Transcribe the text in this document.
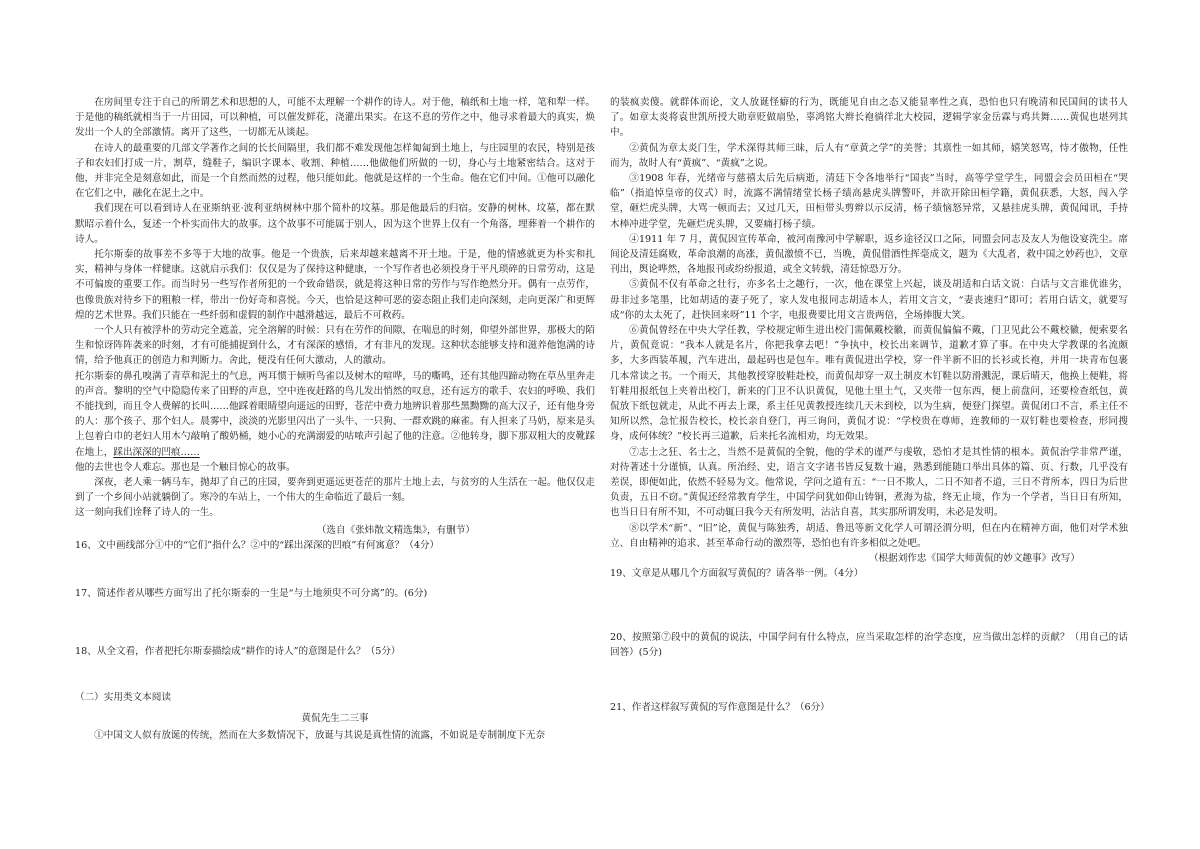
在房间里专注于自己的所谓艺术和思想的人，可能不太理解一个耕作的诗人。对于他，稿纸和土地一样，笔和犁一样。于是他的稿纸就相当于一片田园，可以种植，可以催发鲜花，浇灌出果实。在这不息的劳作之中，他寻求着最大的真实，焕发出一个人的全部激情。离开了这些，一切都无从谈起。

在诗人的最重要的几部文学著作之间的长长间隔里，我们都不难发现他怎样匍匐到土地上，与庄园里的农民，特别是孩子和农妇们打成一片，割草，缝鞋子，编识字课本、收割、种植……他做他们所做的一切，身心与土地紧密结合。这对于他，并非完全是刻意如此，而是一个自然而然的过程，他只能如此。他就是这样的一个生命。他在它们中间。①他可以融化在它们之中，融化在泥土之中。

我们现在可以看到诗人在亚斯纳亚·波利亚纳树林中那个简朴的坟墓。那是他最后的归宿。安静的树林、坟墓，都在默默昭示着什么，复述一个朴实而伟大的故事。这个故事不可能属于别人，因为这个世界上仅有一个角落，埋葬着一个耕作的诗人。

托尔斯泰的故事差不多等于大地的故事。他是一个贵族，后来却越来越离不开土地。于是，他的情感就更为朴实和扎实，精神与身体一样健康。这就启示我们：仅仅是为了保持这种健康，一个写作者也必须投身于平凡琐碎的日常劳动，这是不可偏废的重要工作。而当时另一些写作者所犯的一个致命错误，就是将这种日常的劳作与写作绝然分开。偶有一点劳作，也像贵族对待乡下的粗粮一样，带出一份好奇和喜悦。今天，也恰是这种可恶的姿态阻止我们走向深刻，走向更深广和更辉煌的艺术世界。我们只能在一些纤弱和虚假的制作中越滑越远，最后不可救药。

一个人只有被浮朴的劳动完全遮盖，完全溶解的时候：只有在劳作的间隙，在喘息的时刻，仰望外部世界，那极大的陌生和惊讶阵阵袭来的时刻，才有可能捕捉到什么，才有深深的感悟，才有非凡的发现。这种状态能够支持和滋养他饱满的诗情，给予他真正的创造力和判断力。舍此，便没有任何大激动，人的激动。

托尔斯泰的鼻孔嗅满了青草和泥土的气息，两耳惯于倾听鸟雀以及树木的喧哗，马的嘶鸣，还有其他四蹄动物在草丛里奔走的声音。黎明的空气中隐隐传来了田野的声息，空中连夜赶路的鸟儿发出悄然的叹息，还有远方的歌手、农妇的呼唤、我们不能找到，而且令人费解的长叫……他踩着眼睛望向遥远的田野，苍茫中费力地辨识着那些黑黝黝的高大汉子，还有他身旁的人：那个孩子、那个妇人。晨雾中，淡淡的光影里闪出了一头牛、一只狗、一群欢跳的麻雀。有人担来了马奶，原来是头上包着白巾的老妇人用木勺敲响了酸奶桶，她小心的充满溺爱的咕哝声引起了他的注意。②他转身，脚下那双粗大的皮靴踩在地上，踩出深深的凹痕……

他的去世也令人难忘。那也是一个触目惊心的故事。

深夜，老人乘一辆马车，抛却了自己的庄园，要奔到更遥远更苍茫的那片土地上去，与贫穷的人生活在一起。他仅仅走到了一个乡间小站就躺倒了。寒冷的车站上，一个伟大的生命临近了最后一刻。

这一刻向我们诠释了诗人的一生。

（选自《张炜散文精选集》，有删节）

16、文中画线部分①中的“它们”指什么？②中的“踩出深深的凹痕”有何寓意？（4分）

17、简述作者从哪些方面写出了托尔斯泰的一生是“与土地须臾不可分离”的。(6分)

18、从全文看，作者把托尔斯泰描绘成“耕作的诗人”的意图是什么？（5分）

（二）实用类文本阅读

黄侃先生二三事

①中国文人似有放诞的传统，然而在大多数情况下，放诞与其说是真性情的流露，不如说是专制制度下无奈

的装疯卖傻。就群体而论，文人放诞怪癖的行为，既能见自由之态又能显率性之真，恐怕也只有晚清和民国间的读书人了。如章太炎将袁世凯所授大勋章贬做扇坠，辜鸿铭大辫长袍徜徉北大校园，逻辑学家金岳霖与鸡共舞……黄侃也堪列其中。

②黄侃为章太炎门生，学术深得其师三昧，后人有“章黄之学”的美誉；其禀性一如其师，嬉笑怒骂，恃才傲物，任性而为，故时人有“黄疯”、“黄疯”之说。

③1908 年春，光绪帝与慈禧太后先后病逝，清廷下令各地举行“国丧”当时，高等学堂学生，同盟会会员田桓在“哭临”（指追悼皇帝的仪式）时，流露不满情绪堂长杨子绩高悬虎头牌警吓，并欲开除田桓学籍，黄侃获悉，大怒，闯入学堂，砸烂虎头牌，大骂一顿而去；又过几天，田桓带头剪辫以示反清，杨子绩恼怒异常，又悬挂虎头牌，黄侃闻讯，手持木棒冲进学堂，先砸烂虎头牌，又要痛打杨子绩。

④1911 年 7 月，黄侃因宣传革命，被河南豫河中学解职，返乡途径汉口之际，同盟会同志及友人为他设宴洗尘。席间论及清廷腐败，革命浪潮的高涨，黄侃激愤不已，当晚，黄侃借酒性挥毫成文，题为《大乱者，救中国之妙药也》，文章刊出，舆论哗然，各地报刊或纷纷报道，或全文转载，清廷惊恐万分。

⑤黄侃不仅有革命之壮行，亦多名士之趣行，一次，他在课堂上兴起，谈及胡适和白话文说：白话与文言谁优谁劣，毋非过多笔墨，比如胡适的妻子死了，家人发电报同志胡适本人，若用文言文，“妻丧速归”即可；若用白话文，就要写成“你的太太死了，赶快回来呀”11 个字，电报费要比用文言贵两倍，全场捧腹大笑。

⑥黄侃曾经在中央大学任教，学校规定师生进出校门需佩戴校徽，而黄侃偏偏不戴，门卫见此公不戴校徽，便索要名片，黄侃竟说：“我本人就是名片，你把我拿去吧！”争执中，校长出来调节，道歉才算了事。在中央大学教课的名流颇多，大多西装革履，汽车进出，最起码也是包车。唯有黄侃进出学校，穿一件半新不旧的长衫或长袍，并用一块青布包裹几本常读之书。一个雨天，其他教授穿胶鞋赴校，而黄侃却穿一双土制皮木钉鞋以防滑溅泥，课后晴天，他换上便鞋，将钉鞋用报纸包上夹着出校门，新来的门卫不认识黄侃，见他土里土气，又夹带一包东西，便上前盘问，还要检查纸包，黄侃放下纸包就走，从此不再去上课，系主任见黄教授连续几天未到校，以为生病，便登门探望。黄侃闭口不言，系主任不知所以然，急忙报告校长，校长亲自登门，再三询问，黄侃才说：“学校贵在尊师，连教师的一双钉鞋也要检查，形同搜身，成何体统？”校长再三道歉，后来托名流相劝，均无效果。

⑦志士之狂、名士之，当然不是黄侃的全貌，他的学术的谨严与虔敬，恐怕才是其性情的根本。黄侃治学非常严谨，对待著述十分谨慎，认真。所治经、史，语言文字诸书皆反复数十遍，熟悉到能随口举出具体的篇、页、行数，几乎没有差误，即便如此，依然不轻易为文。他常说，学问之道有五：“一日不欺人，二日不知者不道，三日不背所本，四日为后世负责，五日不窃。”黄侃还经常教育学生，中国学问犹如仰山铸铜，煮海为盐，终无止境，作为一个学者，当日日有所知，也当日日有所不知，不可动辄曰我今天有所发明，沾沾自喜，其实那所谓发明，未必是发明。

⑧以学术“新”、“旧”论，黄侃与陈独秀，胡适、鲁迅等新文化学人可谓泾渭分明，但在内在精神方面，他们对学术独立、自由精神的追求、甚至革命行动的激烈等，恐怕也有许多相似之处吧。

（根据刘作忠《国学大师黄侃的妙文趣事》改写）

19、文章是从哪几个方面叙写黄侃的？请各举一例。（4分）

20、按照第⑦段中的黄侃的说法，中国学问有什么特点，应当采取怎样的治学态度，应当做出怎样的贡献？（用自己的话回答）(5分)

21、作者这样叙写黄侃的写作意图是什么？（6分）
